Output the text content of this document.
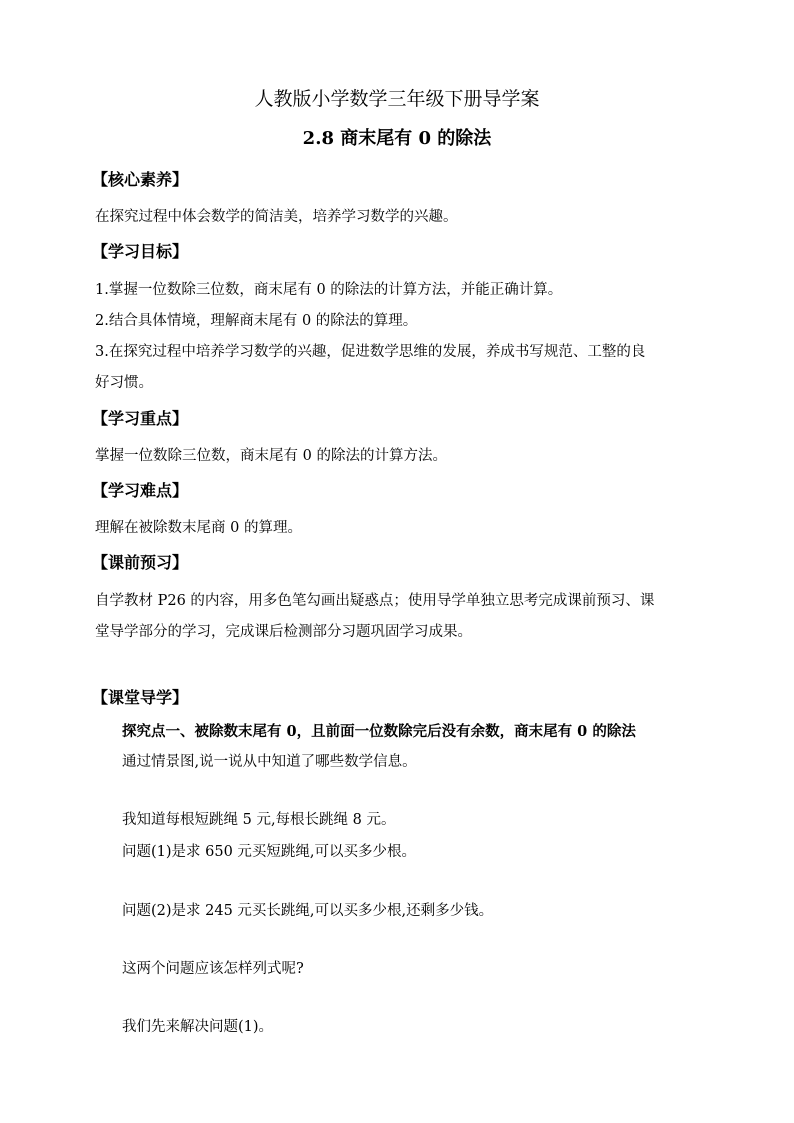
人教版小学数学三年级下册导学案
2.8 商末尾有 0 的除法
【核心素养】
在探究过程中体会数学的简洁美，培养学习数学的兴趣。
【学习目标】
1.掌握一位数除三位数，商末尾有 0 的除法的计算方法，并能正确计算。
2.结合具体情境，理解商末尾有 0 的除法的算理。
3.在探究过程中培养学习数学的兴趣，促进数学思维的发展，养成书写规范、工整的良
好习惯。
【学习重点】
掌握一位数除三位数，商末尾有 0 的除法的计算方法。
【学习难点】
理解在被除数末尾商 0 的算理。
【课前预习】
自学教材 P26 的内容，用多色笔勾画出疑惑点；使用导学单独立思考完成课前预习、课
堂导学部分的学习，完成课后检测部分习题巩固学习成果。
【课堂导学】
探究点一、被除数末尾有 0，且前面一位数除完后没有余数，商末尾有 0 的除法
通过情景图,说一说从中知道了哪些数学信息。
我知道每根短跳绳 5 元,每根长跳绳 8 元。
问题(1)是求 650 元买短跳绳,可以买多少根。
问题(2)是求 245 元买长跳绳,可以买多少根,还剩多少钱。
这两个问题应该怎样列式呢?
我们先来解决问题(1)。
